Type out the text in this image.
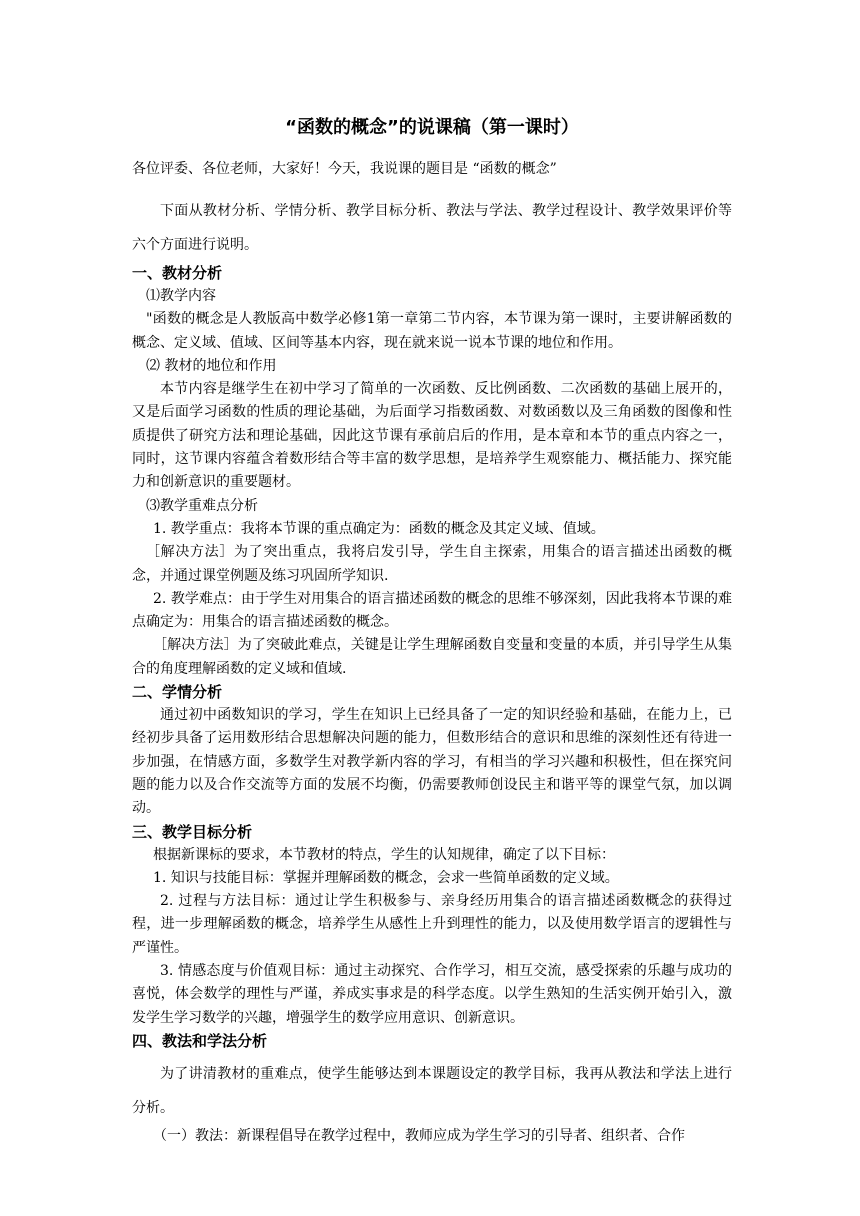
“函数的概念”的说课稿（第一课时）

各位评委、各位老师，大家好！今天，我说课的题目是 “函数的概念”

下面从教材分析、学情分析、教学目标分析、教法与学法、教学过程设计、教学效果评价等六个方面进行说明。

一、教材分析

⑴教学内容

"函数的概念是人教版高中数学必修1第一章第二节内容，本节课为第一课时，主要讲解函数的概念、定义域、值域、区间等基本内容，现在就来说一说本节课的地位和作用。

⑵ 教材的地位和作用

本节内容是继学生在初中学习了简单的一次函数、反比例函数、二次函数的基础上展开的，又是后面学习函数的性质的理论基础，为后面学习指数函数、对数函数以及三角函数的图像和性质提供了研究方法和理论基础，因此这节课有承前启后的作用，是本章和本节的重点内容之一，同时，这节课内容蕴含着数形结合等丰富的数学思想，是培养学生观察能力、概括能力、探究能力和创新意识的重要题材。

⑶教学重难点分析

1. 教学重点：我将本节课的重点确定为：函数的概念及其定义域、值域。

［解决方法］为了突出重点，我将启发引导，学生自主探索，用集合的语言描述出函数的概念，并通过课堂例题及练习巩固所学知识.

2. 教学难点：由于学生对用集合的语言描述函数的概念的思维不够深刻，因此我将本节课的难点确定为：用集合的语言描述函数的概念。

［解决方法］为了突破此难点，关键是让学生理解函数自变量和变量的本质，并引导学生从集合的角度理解函数的定义域和值域.

二、学情分析

通过初中函数知识的学习，学生在知识上已经具备了一定的知识经验和基础，在能力上，已经初步具备了运用数形结合思想解决问题的能力，但数形结合的意识和思维的深刻性还有待进一步加强，在情感方面，多数学生对教学新内容的学习，有相当的学习兴趣和积极性，但在探究问题的能力以及合作交流等方面的发展不均衡，仍需要教师创设民主和谐平等的课堂气氛，加以调动。

三、教学目标分析

根据新课标的要求，本节教材的特点，学生的认知规律，确定了以下目标：

1. 知识与技能目标：掌握并理解函数的概念，会求一些简单函数的定义域。

2. 过程与方法目标：通过让学生积极参与、亲身经历用集合的语言描述函数概念的获得过程，进一步理解函数的概念，培养学生从感性上升到理性的能力，以及使用数学语言的逻辑性与严谨性。

3. 情感态度与价值观目标：通过主动探究、合作学习，相互交流，感受探索的乐趣与成功的喜悦，体会数学的理性与严谨，养成实事求是的科学态度。以学生熟知的生活实例开始引入，激发学生学习数学的兴趣，增强学生的数学应用意识、创新意识。

四、教法和学法分析

为了讲清教材的重难点，使学生能够达到本课题设定的教学目标，我再从教法和学法上进行分析。

（一）教法：新课程倡导在教学过程中，教师应成为学生学习的引导者、组织者、合作
